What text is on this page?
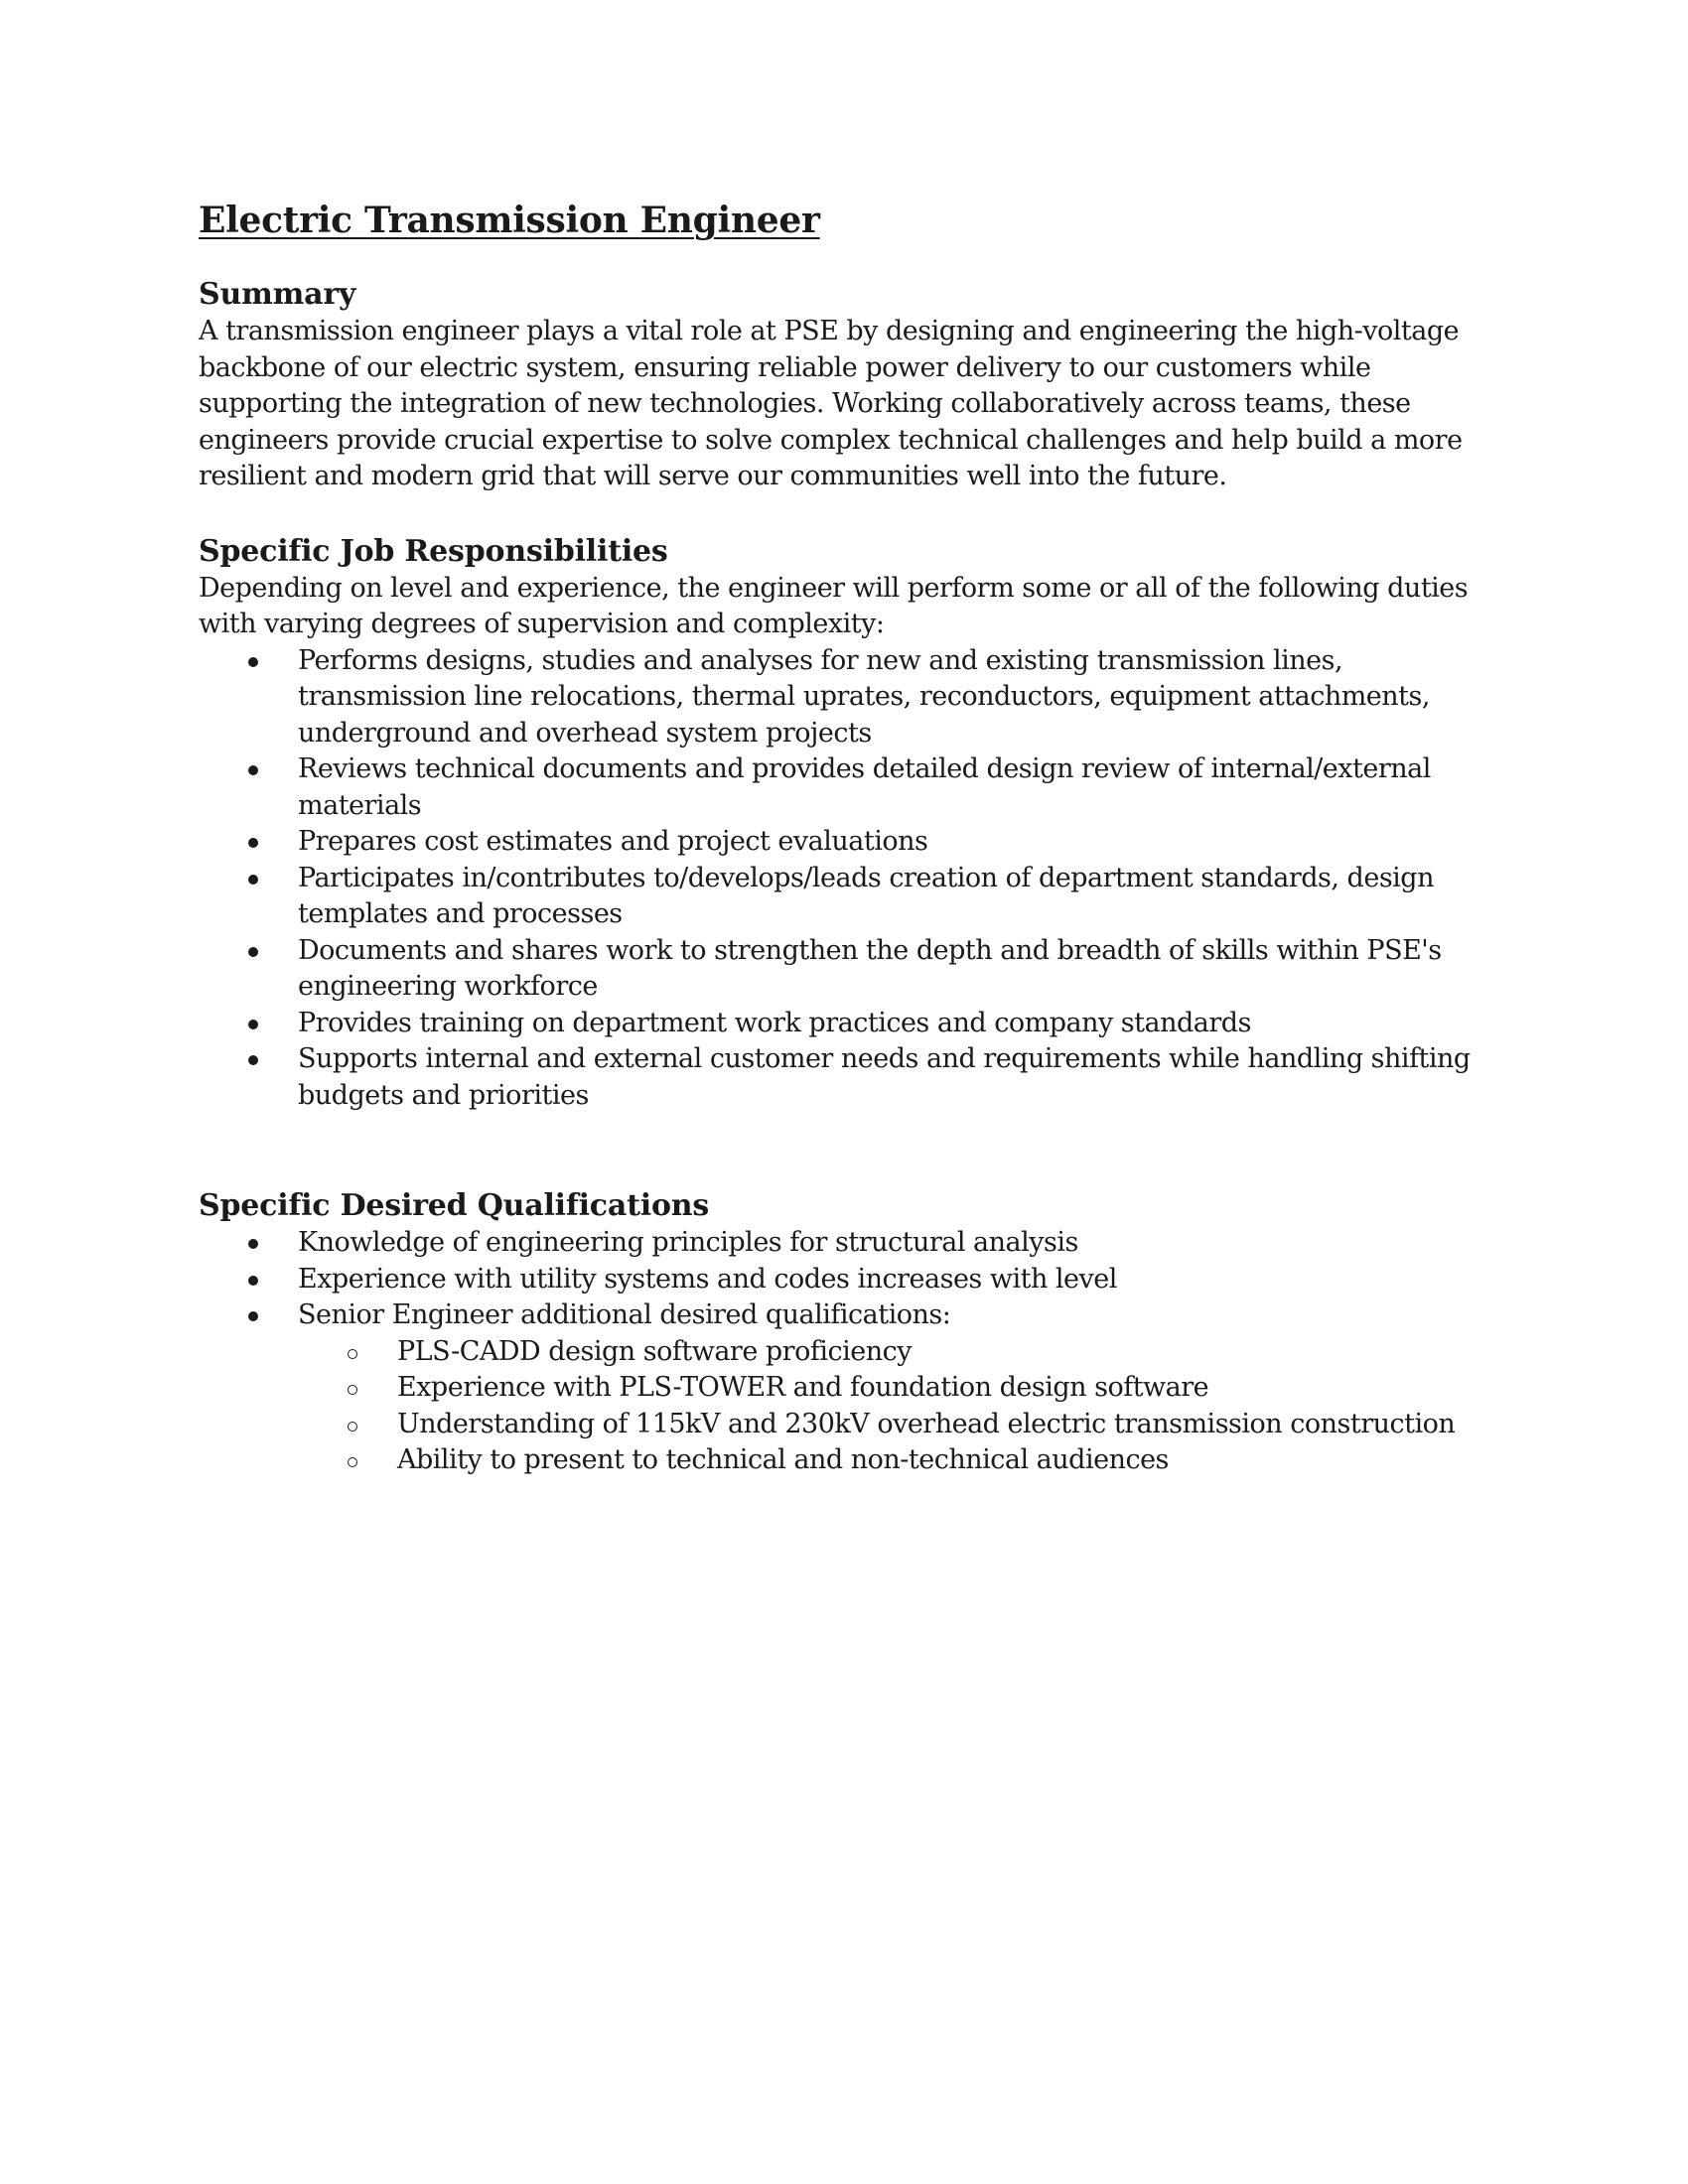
Electric Transmission Engineer
Summary

A transmission engineer plays a vital role at PSE by designing and engineering the high-voltage backbone of our electric system, ensuring reliable power delivery to our customers while supporting the integration of new technologies. Working collaboratively across teams, these engineers provide crucial expertise to solve complex technical challenges and help build a more resilient and modern grid that will serve our communities well into the future.

Specific Job Responsibilities

Depending on level and experience, the engineer will perform some or all of the following duties with varying degrees of supervision and complexity:

Performs designs, studies and analyses for new and existing transmission lines, transmission line relocations, thermal uprates, reconductors, equipment attachments, underground and overhead system projects
Reviews technical documents and provides detailed design review of internal/external materials
Prepares cost estimates and project evaluations
Participates in/contributes to/develops/leads creation of department standards, design templates and processes
Documents and shares work to strengthen the depth and breadth of skills within PSE's engineering workforce
Provides training on department work practices and company standards
Supports internal and external customer needs and requirements while handling shifting budgets and priorities
Specific Desired Qualifications
Knowledge of engineering principles for structural analysis
Experience with utility systems and codes increases with level
Senior Engineer additional desired qualifications:
PLS-CADD design software proficiency
Experience with PLS-TOWER and foundation design software
Understanding of 115kV and 230kV overhead electric transmission construction
Ability to present to technical and non-technical audiences
